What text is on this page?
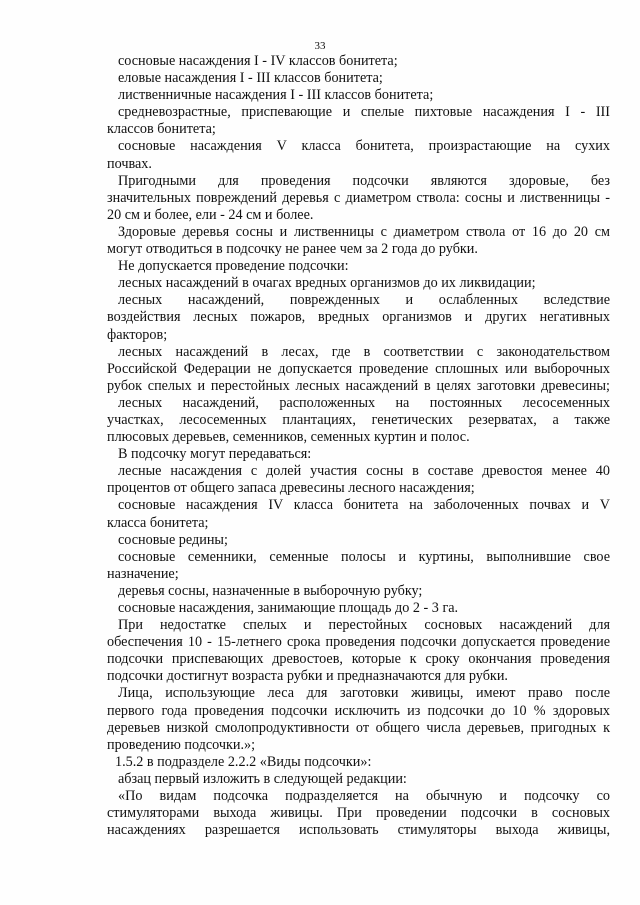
33

сосновые насаждения I - IV классов бонитета;

еловые насаждения I - III классов бонитета;

лиственничные насаждения I - III классов бонитета;

средневозрастные, приспевающие и спелые пихтовые насаждения I - III

классов бонитета;

сосновые насаждения V класса бонитета, произрастающие на сухих

почвах.

Пригодными для проведения подсочки являются здоровые, без

значительных повреждений деревья с диаметром ствола: сосны и лиственницы -

20 см и более, ели - 24 см и более.

Здоровые деревья сосны и лиственницы с диаметром ствола от 16 до 20 см

могут отводиться в подсочку не ранее чем за 2 года до рубки.

Не допускается проведение подсочки:

лесных насаждений в очагах вредных организмов до их ликвидации;

лесных насаждений, поврежденных и ослабленных вследствие

воздействия лесных пожаров, вредных организмов и других негативных

факторов;

лесных насаждений в лесах, где в соответствии с законодательством

Российской Федерации не допускается проведение сплошных или выборочных

рубок спелых и перестойных лесных насаждений в целях заготовки древесины;

лесных насаждений, расположенных на постоянных лесосеменных

участках, лесосеменных плантациях, генетических резерватах, а также

плюсовых деревьев, семенников, семенных куртин и полос.

В подсочку могут передаваться:

лесные насаждения с долей участия сосны в составе древостоя менее 40

процентов от общего запаса древесины лесного насаждения;

сосновые насаждения IV класса бонитета на заболоченных почвах и V

класса бонитета;

сосновые редины;

сосновые семенники, семенные полосы и куртины, выполнившие свое

назначение;

деревья сосны, назначенные в выборочную рубку;

сосновые насаждения, занимающие площадь до 2 - 3 га.

При недостатке спелых и перестойных сосновых насаждений для

обеспечения 10 - 15-летнего срока проведения подсочки допускается проведение

подсочки приспевающих древостоев, которые к сроку окончания проведения

подсочки достигнут возраста рубки и предназначаются для рубки.

Лица, использующие леса для заготовки живицы, имеют право после

первого года проведения подсочки исключить из подсочки до 10 % здоровых

деревьев низкой смолопродуктивности от общего числа деревьев, пригодных к

проведению подсочки.»;

1.5.2 в подразделе 2.2.2 «Виды подсочки»:

абзац первый изложить в следующей редакции:

«По видам подсочка подразделяется на обычную и подсочку со

стимуляторами выхода живицы. При проведении подсочки в сосновых

насаждениях разрешается использовать стимуляторы выхода живицы,
